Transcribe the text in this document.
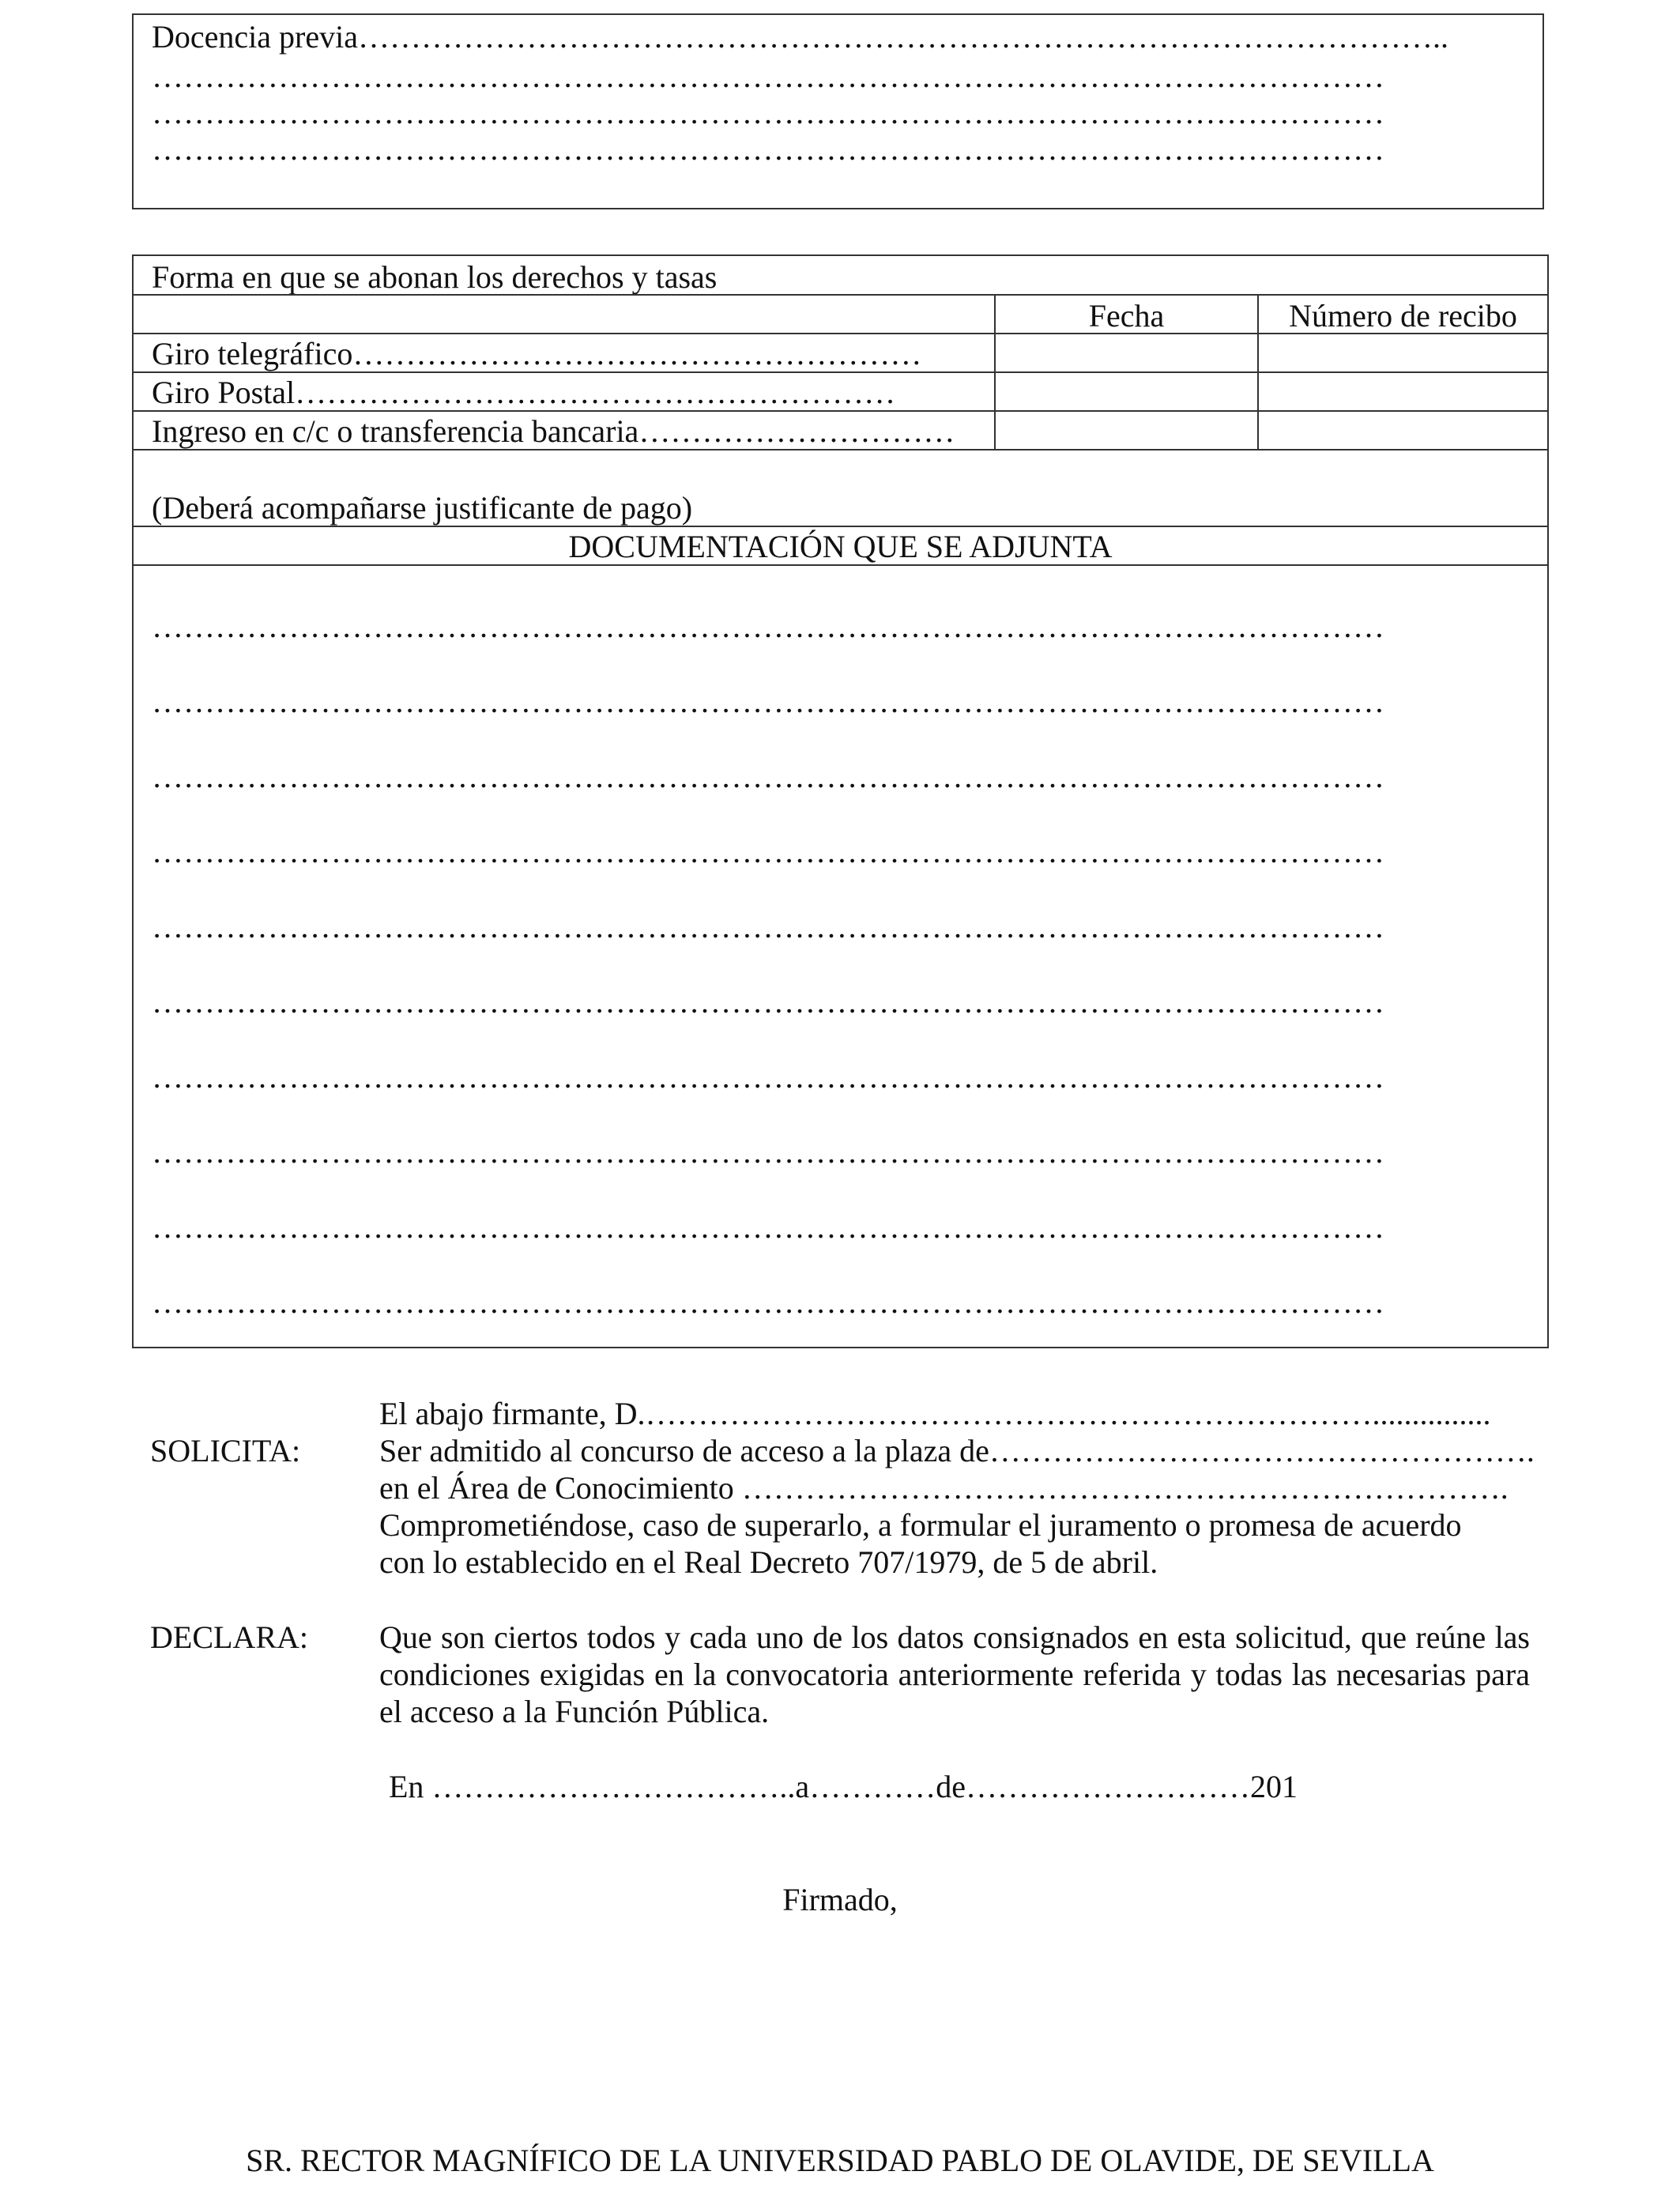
Docencia previa…………………………………………………………………………………………..
………………………………………………………………………………………………………
………………………………………………………………………………………………………
………………………………………………………………………………………………………
Forma en que se abonan los derechos y tasas
Fecha	Número de recibo
Giro telegráfico………………………………………………
Giro Postal…………………………………………………
Ingreso en c/c o transferencia bancaria…………………………
(Deberá acompañarse justificante de pago)
DOCUMENTACIÓN QUE SE ADJUNTA
………………………………………………………………………………………………………
………………………………………………………………………………………………………
………………………………………………………………………………………………………
………………………………………………………………………………………………………
………………………………………………………………………………………………………
………………………………………………………………………………………………………
………………………………………………………………………………………………………
………………………………………………………………………………………………………
………………………………………………………………………………………………………
………………………………………………………………………………………………………
El abajo firmante, D.……………………………………………………………...............
SOLICITA: Ser admitido al concurso de acceso a la plaza de…………………………………………….
en el Área de Conocimiento ……………………………………………………………….
Comprometiéndose, caso de superarlo, a formular el juramento o promesa de acuerdo
con lo establecido en el Real Decreto 707/1979, de 5 de abril.
DECLARA: Que son ciertos todos y cada uno de los datos consignados en esta solicitud, que reúne las condiciones exigidas en la convocatoria anteriormente referida y todas las necesarias para el acceso a la Función Pública.
En ……………………………..a…………de………………………201
Firmado,
SR. RECTOR MAGNÍFICO DE LA UNIVERSIDAD PABLO DE OLAVIDE, DE SEVILLA
